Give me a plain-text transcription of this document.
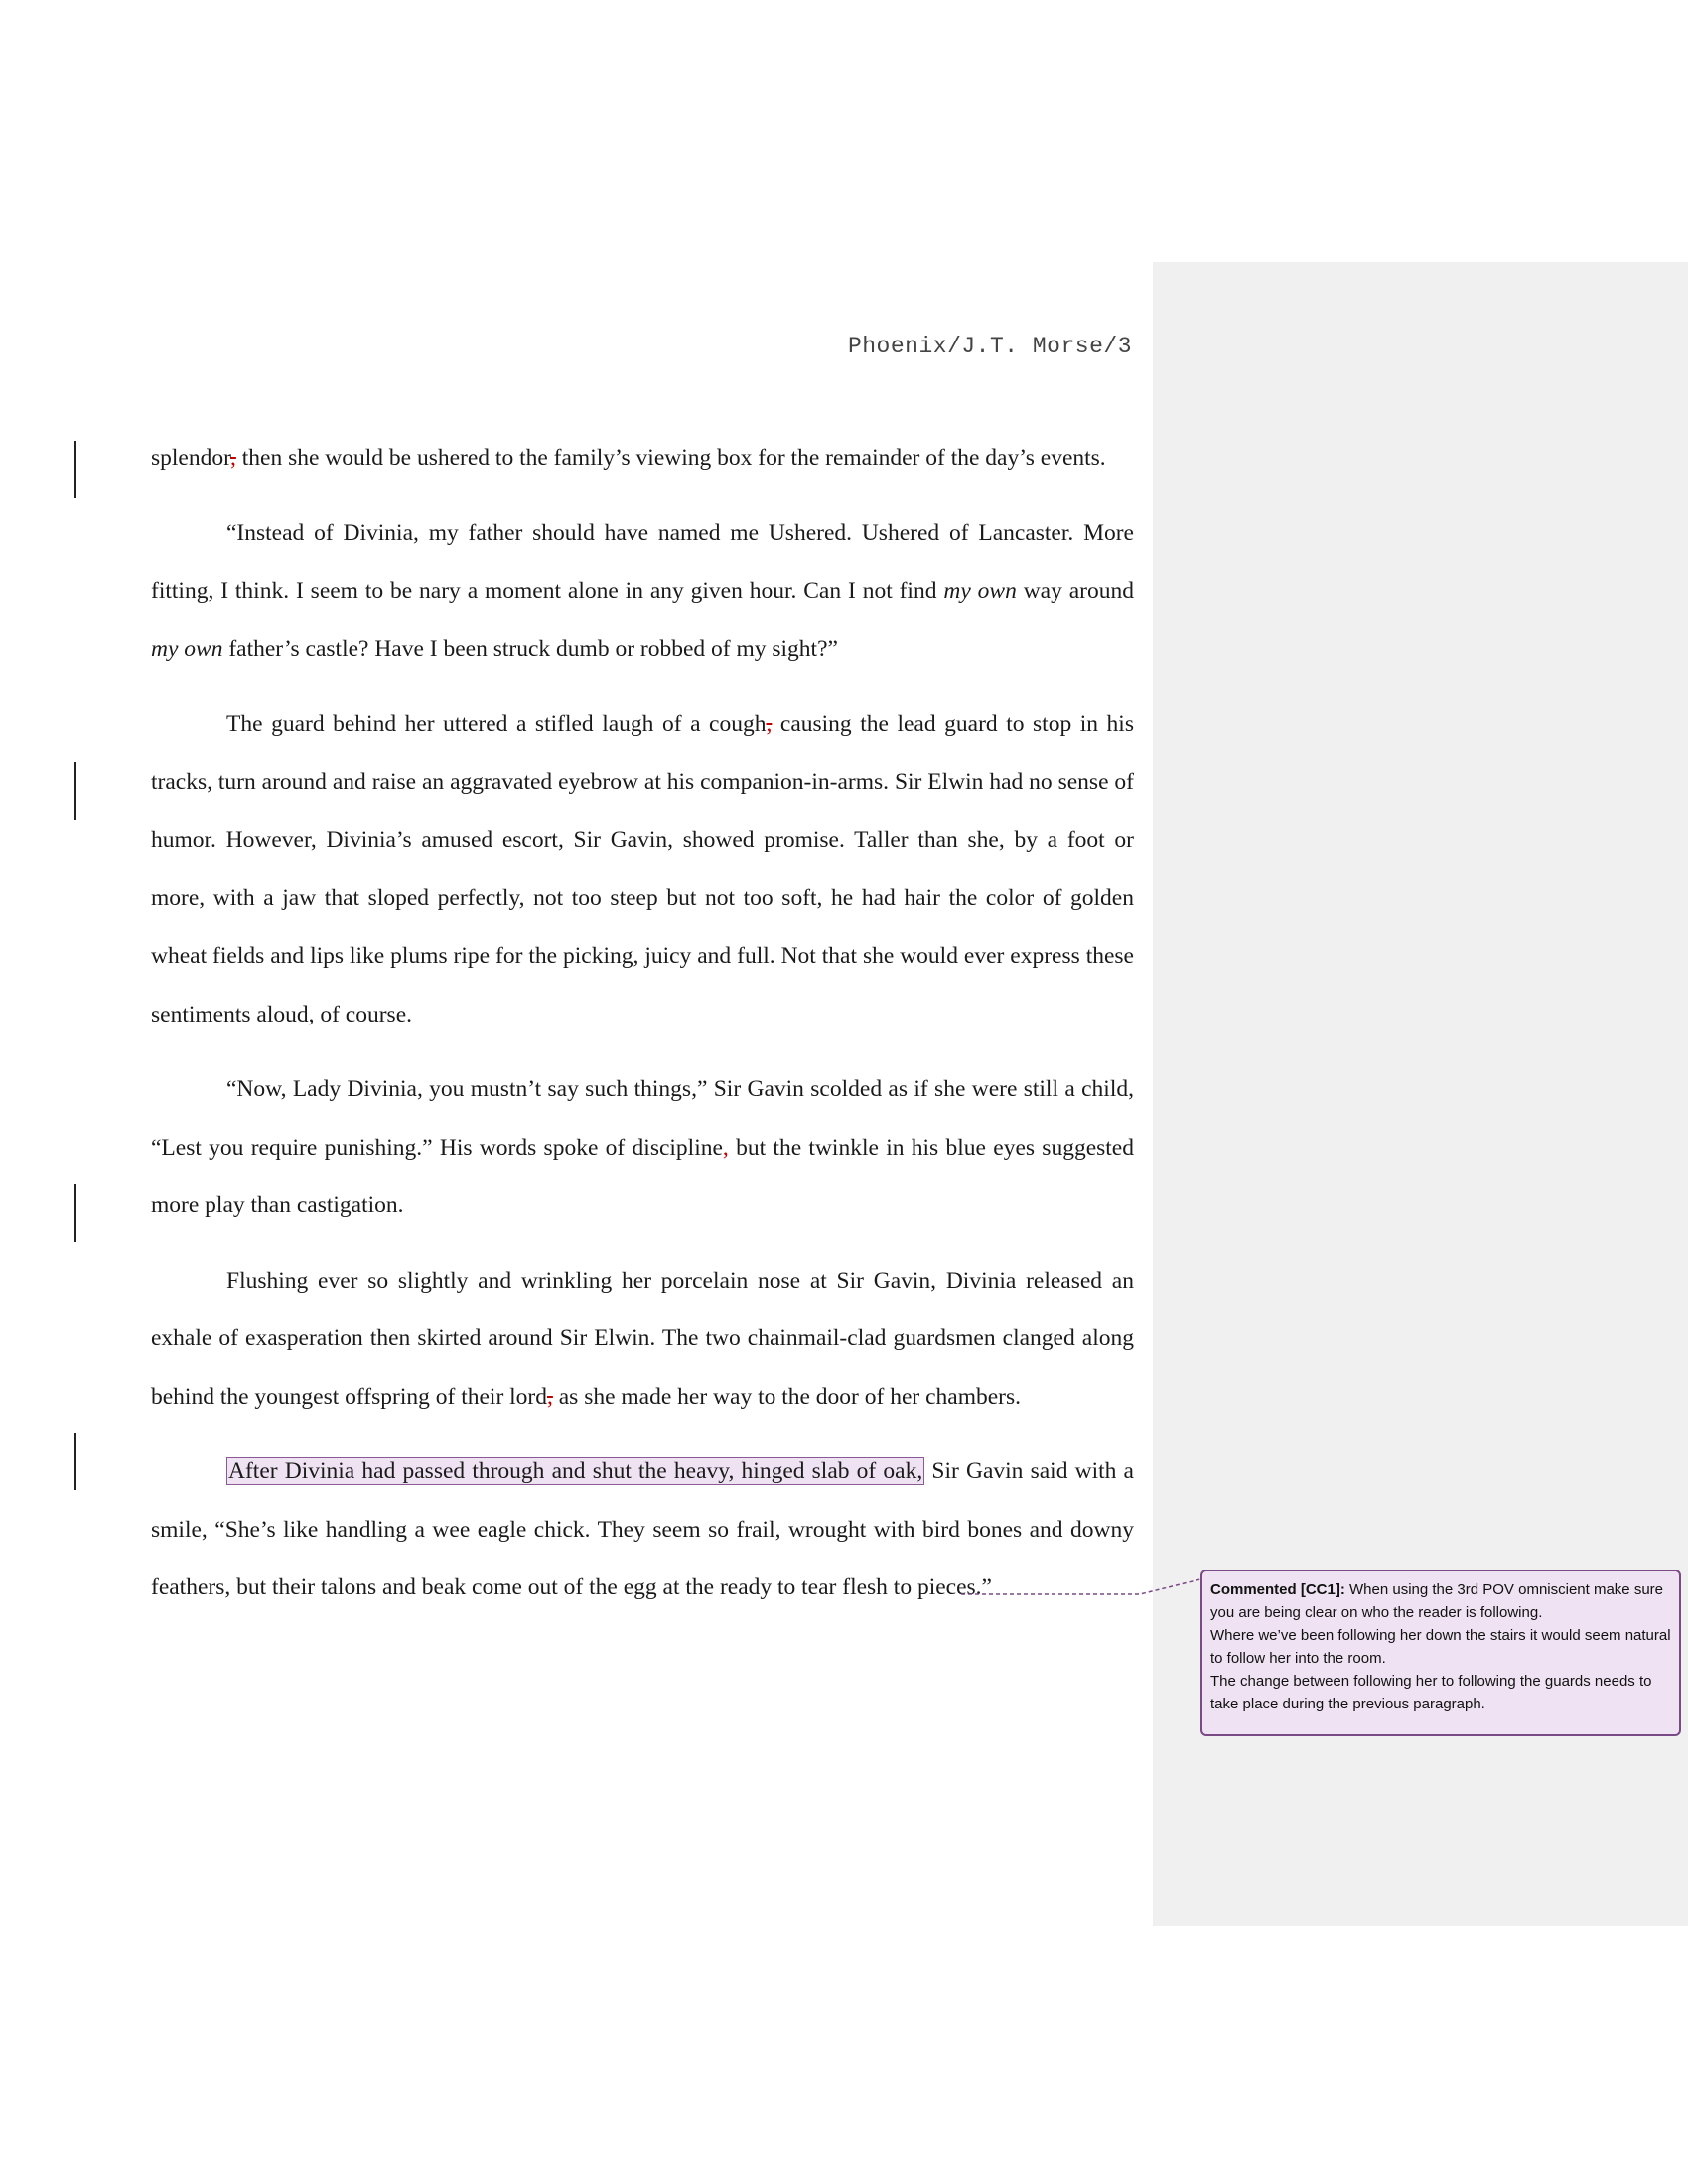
Phoenix/J.T. Morse/3

splendor, then she would be ushered to the family’s viewing box for the remainder of the day’s events.

“Instead of Divinia, my father should have named me Ushered. Ushered of Lancaster. More fitting, I think. I seem to be nary a moment alone in any given hour. Can I not find my own way around my own father’s castle? Have I been struck dumb or robbed of my sight?”

The guard behind her uttered a stifled laugh of a cough, causing the lead guard to stop in his tracks, turn around and raise an aggravated eyebrow at his companion-in-arms. Sir Elwin had no sense of humor. However, Divinia’s amused escort, Sir Gavin, showed promise. Taller than she, by a foot or more, with a jaw that sloped perfectly, not too steep but not too soft, he had hair the color of golden wheat fields and lips like plums ripe for the picking, juicy and full. Not that she would ever express these sentiments aloud, of course.

“Now, Lady Divinia, you mustn’t say such things,” Sir Gavin scolded as if she were still a child, “Lest you require punishing.” His words spoke of discipline, but the twinkle in his blue eyes suggested more play than castigation.

Flushing ever so slightly and wrinkling her porcelain nose at Sir Gavin, Divinia released an exhale of exasperation then skirted around Sir Elwin. The two chainmail-clad guardsmen clanged along behind the youngest offspring of their lord, as she made her way to the door of her chambers.

After Divinia had passed through and shut the heavy, hinged slab of oak, Sir Gavin said with a smile, “She’s like handling a wee eagle chick. They seem so frail, wrought with bird bones and downy feathers, but their talons and beak come out of the egg at the ready to tear flesh to pieces.”	Commented [CC1]: When using the 3rd POV omniscient make sure you are being clear on who the reader is following.
Where we’ve been following her down the stairs it would seem natural to follow her into the room.
The change between following her to following the guards needs to take place during the previous paragraph.
